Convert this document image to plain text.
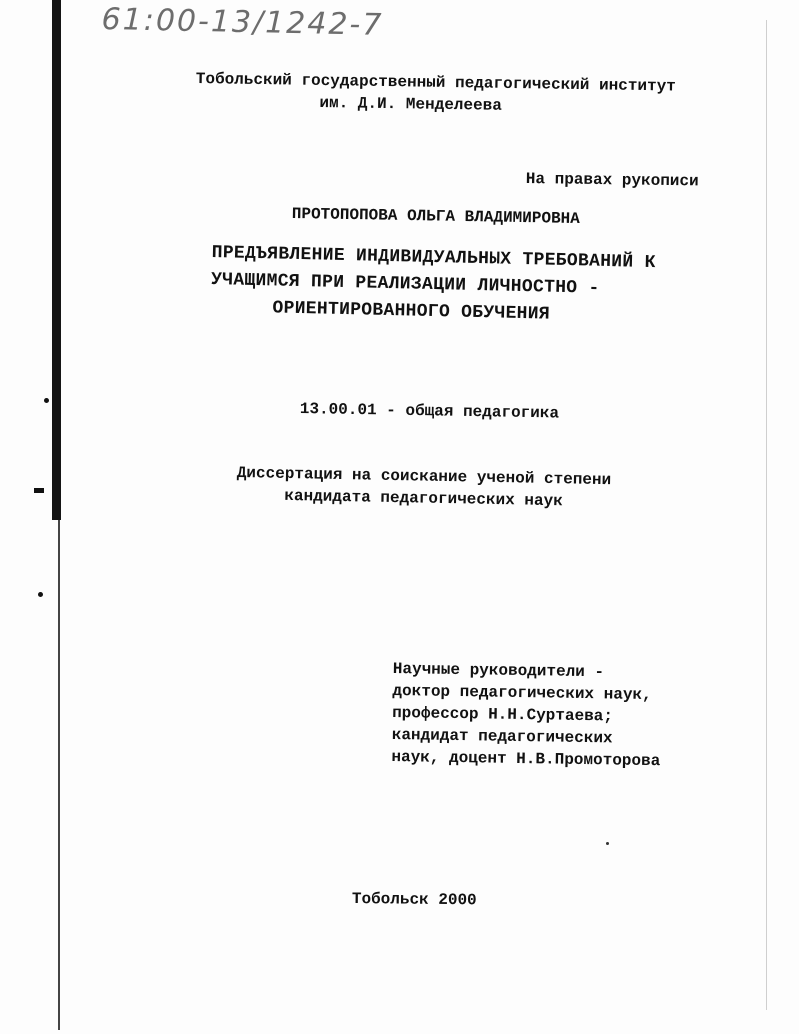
61:00-13/1242-7
Тобольский государственный педагогический институт
им. Д.И. Менделеева
На правах рукописи
ПРОТОПОПОВА ОЛЬГА ВЛАДИМИРОВНА
ПРЕДЪЯВЛЕНИЕ ИНДИВИДУАЛЬНЫХ ТРЕБОВАНИЙ К
УЧАЩИМСЯ ПРИ РЕАЛИЗАЦИИ ЛИЧНОСТНО -
ОРИЕНТИРОВАННОГО ОБУЧЕНИЯ
13.00.01 - общая педагогика
Диссертация на соискание ученой степени
кандидата педагогических наук
Научные руководители -
доктор педагогических наук,
профессор Н.Н.Суртаева;
кандидат педагогических
наук, доцент Н.В.Промоторова
Тобольск 2000
